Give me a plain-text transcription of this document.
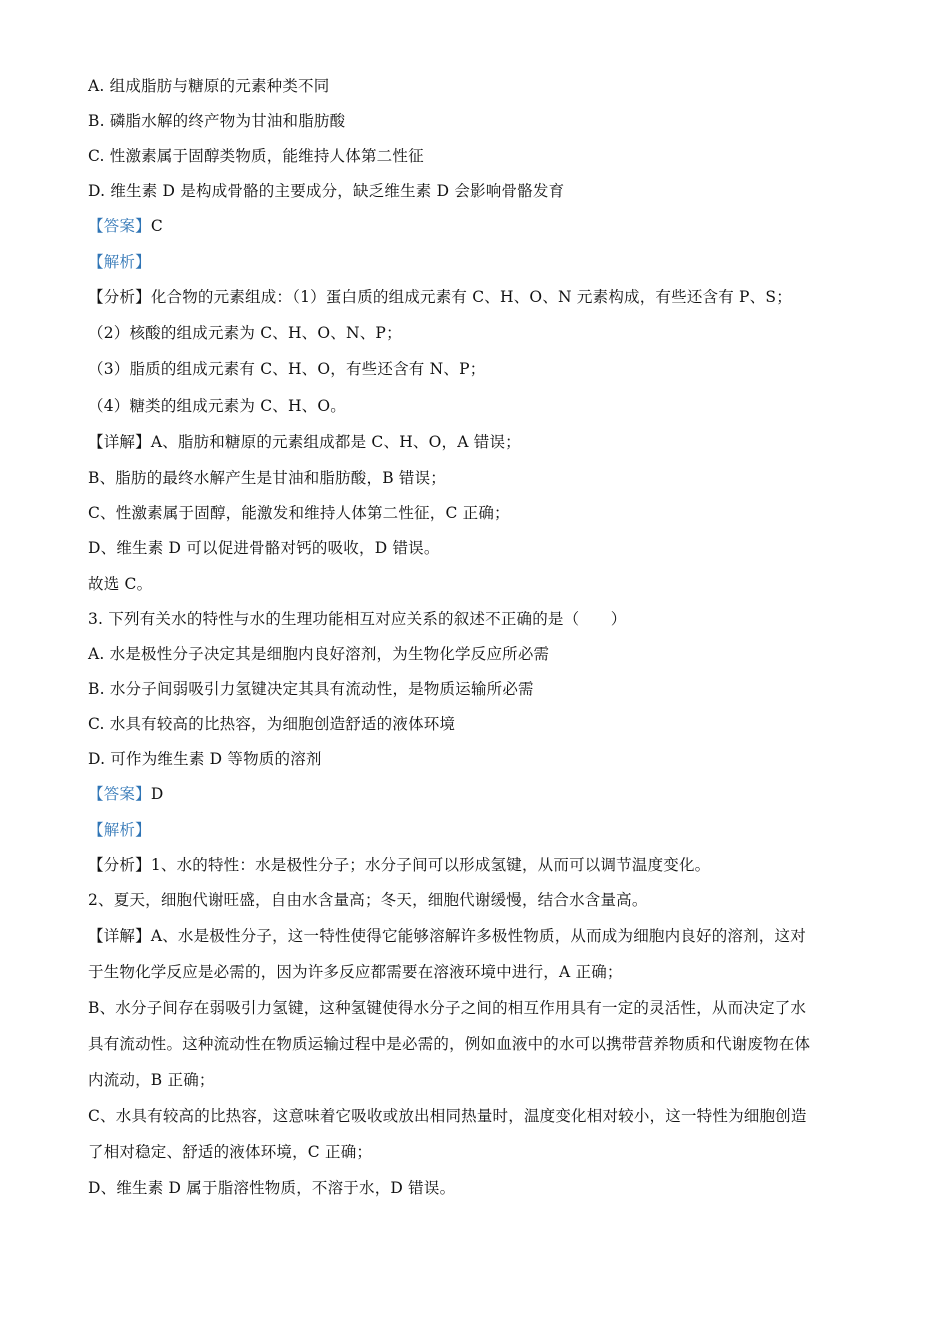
A. 组成脂肪与糖原的元素种类不同
B. 磷脂水解的终产物为甘油和脂肪酸
C. 性激素属于固醇类物质，能维持人体第二性征
D. 维生素 D 是构成骨骼的主要成分，缺乏维生素 D 会影响骨骼发育
【答案】C
【解析】
【分析】化合物的元素组成：（1）蛋白质的组成元素有 C、H、O、N 元素构成，有些还含有 P、S；
（2）核酸的组成元素为 C、H、O、N、P；
（3）脂质的组成元素有 C、H、O，有些还含有 N、P；
（4）糖类的组成元素为 C、H、O。
【详解】A、脂肪和糖原的元素组成都是 C、H、O，A 错误；
B、脂肪的最终水解产生是甘油和脂肪酸，B 错误；
C、性激素属于固醇，能激发和维持人体第二性征，C 正确；
D、维生素 D 可以促进骨骼对钙的吸收，D 错误。
故选 C。
3. 下列有关水的特性与水的生理功能相互对应关系的叙述不正确的是（　　）
A. 水是极性分子决定其是细胞内良好溶剂，为生物化学反应所必需
B. 水分子间弱吸引力氢键决定其具有流动性，是物质运输所必需
C. 水具有较高的比热容，为细胞创造舒适的液体环境
D. 可作为维生素 D 等物质的溶剂
【答案】D
【解析】
【分析】1、水的特性：水是极性分子；水分子间可以形成氢键，从而可以调节温度变化。
2、夏天，细胞代谢旺盛，自由水含量高；冬天，细胞代谢缓慢，结合水含量高。
【详解】A、水是极性分子，这一特性使得它能够溶解许多极性物质，从而成为细胞内良好的溶剂，这对
于生物化学反应是必需的，因为许多反应都需要在溶液环境中进行，A 正确；
B、水分子间存在弱吸引力氢键，这种氢键使得水分子之间的相互作用具有一定的灵活性，从而决定了水
具有流动性。这种流动性在物质运输过程中是必需的，例如血液中的水可以携带营养物质和代谢废物在体
内流动，B 正确；
C、水具有较高的比热容，这意味着它吸收或放出相同热量时，温度变化相对较小，这一特性为细胞创造
了相对稳定、舒适的液体环境，C 正确；
D、维生素 D 属于脂溶性物质，不溶于水，D 错误。
